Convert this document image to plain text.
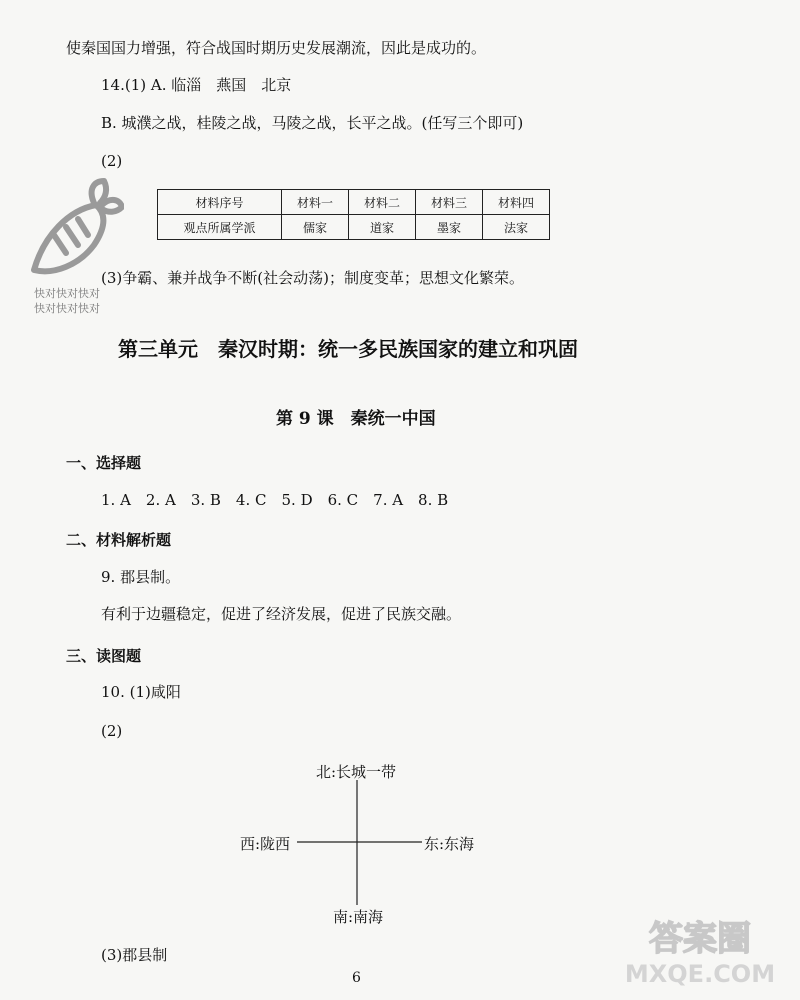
使秦国国力增强，符合战国时期历史发展潮流，因此是成功的。
14.(1) A. 临淄　燕国　北京
B. 城濮之战，桂陵之战，马陵之战，长平之战。(任写三个即可)
(2)
快对快对快对
快对快对快对
材料序号	材料一	材料二	材料三	材料四
观点所属学派	儒家	道家	墨家	法家
(3)争霸、兼并战争不断(社会动荡)；制度变革；思想文化繁荣。
第三单元　秦汉时期：统一多民族国家的建立和巩固
第 9 课　秦统一中国
一、选择题
1. A　2. A　3. B　4. C　5. D　6. C　7. A　8. B
二、材料解析题
9. 郡县制。
有利于边疆稳定，促进了经济发展，促进了民族交融。
三、读图题
10. (1)咸阳
(2)
北:长城一带
西:陇西	东:东海
南:南海
(3)郡县制
6
答案圈
MXQE.COM
